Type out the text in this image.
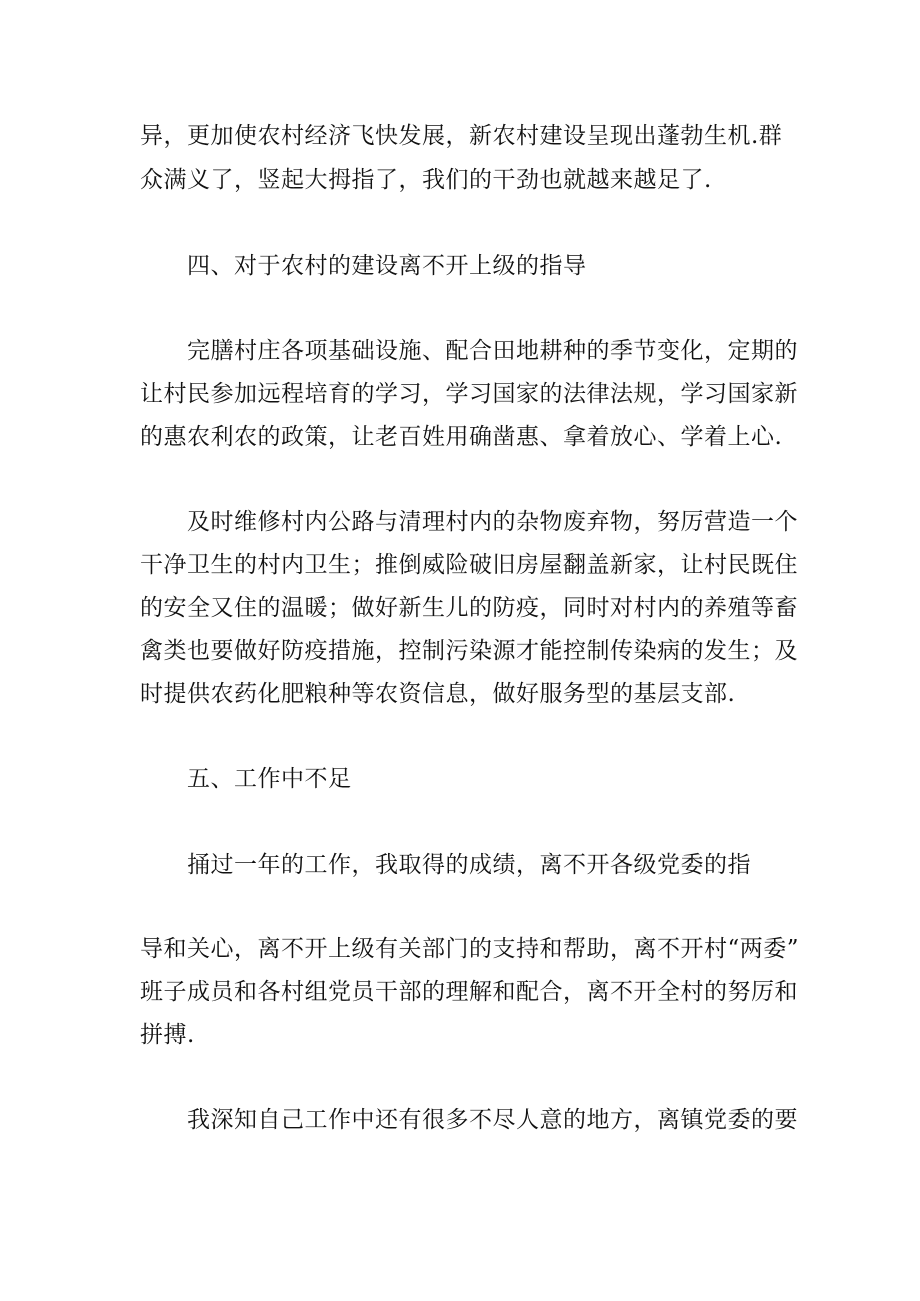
异，更加使农村经济飞快发展，新农村建设呈现出蓬勃生机.群
众满义了，竖起大拇指了，我们的干劲也就越来越足了.
四、对于农村的建设离不开上级的指导
完膳村庄各项基础设施、配合田地耕种的季节变化，定期的
让村民参加远程培育的学习，学习国家的法律法规，学习国家新
的惠农利农的政策，让老百姓用确凿惠、拿着放心、学着上心.
及时维修村内公路与清理村内的杂物废弃物，努厉营造一个
干净卫生的村内卫生；推倒威险破旧房屋翻盖新家，让村民既住
的安全又住的温暖；做好新生儿的防疫，同时对村内的养殖等畜
禽类也要做好防疫措施，控制污染源才能控制传染病的发生；及
时提供农药化肥粮种等农资信息，做好服务型的基层支部.
五、工作中不足
捅过一年的工作，我取得的成绩，离不开各级党委的指
导和关心，离不开上级有关部门的支持和帮助，离不开村“两委”
班子成员和各村组党员干部的理解和配合，离不开全村的努厉和
拼搏.
我深知自己工作中还有很多不尽人意的地方，离镇党委的要
